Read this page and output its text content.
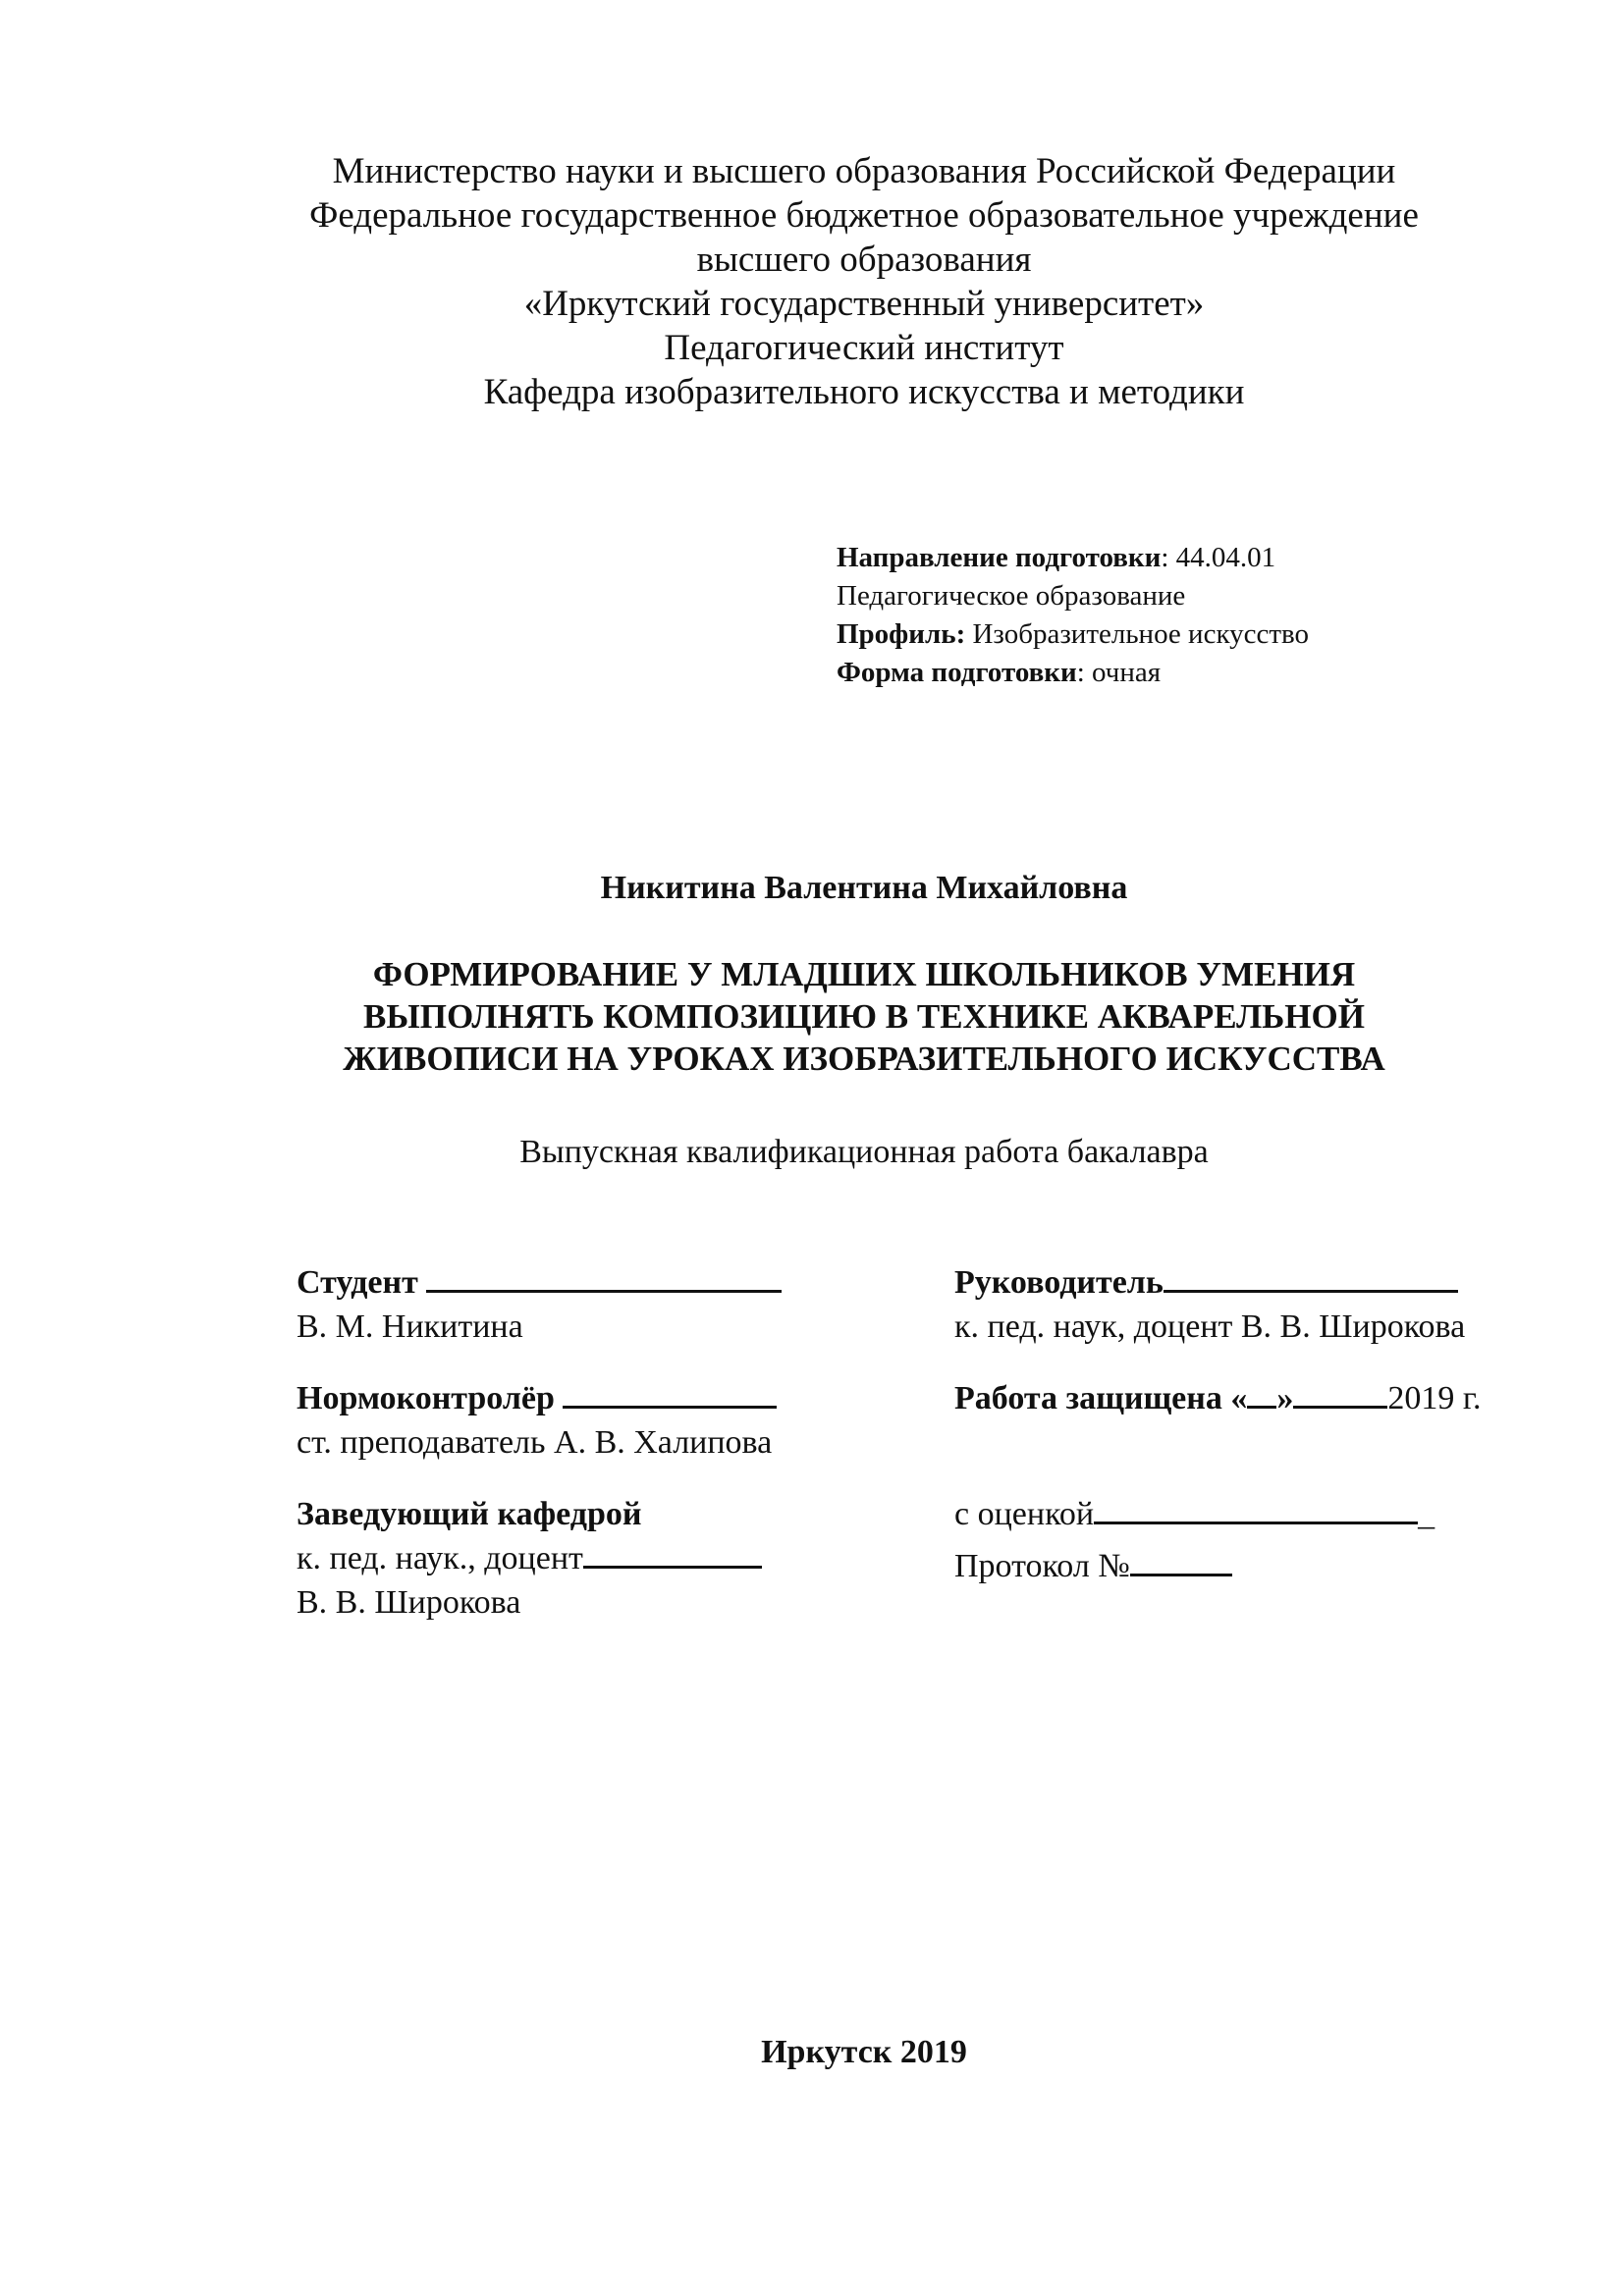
Министерство науки и высшего образования Российской Федерации
Федеральное государственное бюджетное образовательное учреждение
высшего образования
«Иркутский государственный университет»
Педагогический институт
Кафедра изобразительного искусства и методики
Направление подготовки: 44.04.01
Педагогическое образование
Профиль: Изобразительное искусство
Форма подготовки: очная
Никитина Валентина Михайловна
ФОРМИРОВАНИЕ У МЛАДШИХ ШКОЛЬНИКОВ УМЕНИЯ
ВЫПОЛНЯТЬ КОМПОЗИЦИЮ В ТЕХНИКЕ АКВАРЕЛЬНОЙ
ЖИВОПИСИ НА УРОКАХ ИЗОБРАЗИТЕЛЬНОГО ИСКУССТВА
Выпускная квалификационная работа бакалавра
Студент
В. М. Никитина
Нормоконтролёр
ст. преподаватель А. В. Халипова
Заведующий кафедрой
к. пед. наук., доцент
В. В. Широкова
Руководитель
к. пед. наук, доцент В. В. Широкова
Работа защищена « »	2019 г.
с оценкой	_
Протокол №
Иркутск 2019
